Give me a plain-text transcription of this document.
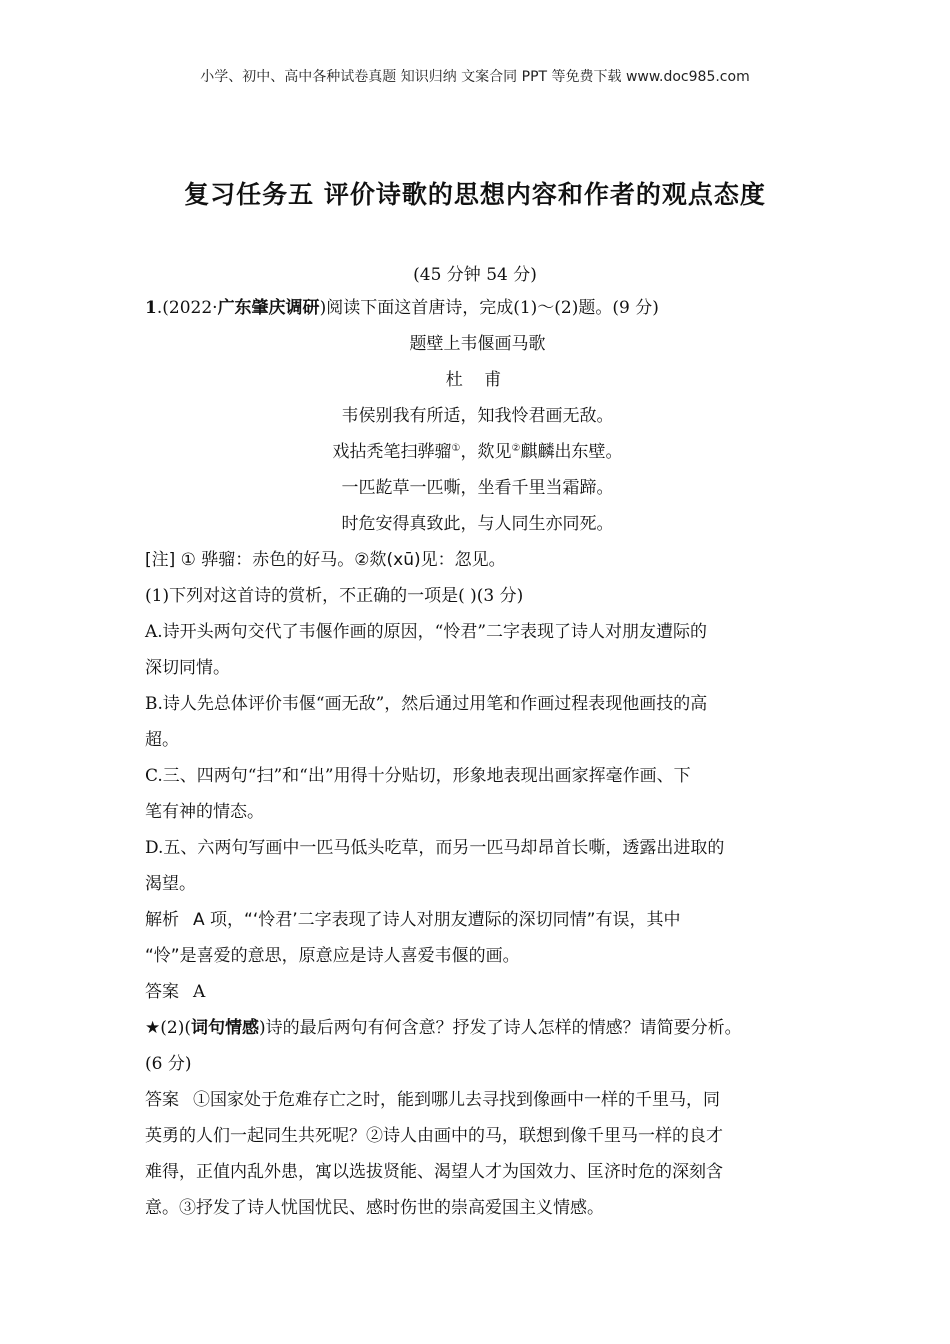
小学、初中、高中各种试卷真题 知识归纳 文案合同 PPT 等免费下载 www.doc985.com
复习任务五 评价诗歌的思想内容和作者的观点态度
(45 分钟 54 分)
1.(2022·广东肇庆调研)阅读下面这首唐诗，完成(1)～(2)题。(9 分)
题壁上韦偃画马歌
杜 甫
韦侯别我有所适，知我怜君画无敌。
戏拈秃笔扫骅骝①，欻见②麒麟出东壁。
一匹龁草一匹嘶，坐看千里当霜蹄。
时危安得真致此，与人同生亦同死。
[注] ① 骅骝：赤色的好马。②欻(xū)见：忽见。
(1)下列对这首诗的赏析，不正确的一项是( )(3 分)
A.诗开头两句交代了韦偃作画的原因，“怜君”二字表现了诗人对朋友遭际的
深切同情。
B.诗人先总体评价韦偃“画无敌”，然后通过用笔和作画过程表现他画技的高
超。
C.三、四两句“扫”和“出”用得十分贴切，形象地表现出画家挥毫作画、下
笔有神的情态。
D.五、六两句写画中一匹马低头吃草，而另一匹马却昂首长嘶，透露出进取的
渴望。
解析 A 项，“‘怜君’二字表现了诗人对朋友遭际的深切同情”有误，其中
“怜”是喜爱的意思，原意应是诗人喜爱韦偃的画。
答案 A
★(2)(词句情感)诗的最后两句有何含意？抒发了诗人怎样的情感？请简要分析。
(6 分)
答案 ①国家处于危难存亡之时，能到哪儿去寻找到像画中一样的千里马，同
英勇的人们一起同生共死呢？②诗人由画中的马，联想到像千里马一样的良才
难得，正值内乱外患，寓以选拔贤能、渴望人才为国效力、匡济时危的深刻含
意。③抒发了诗人忧国忧民、感时伤世的崇高爱国主义情感。
